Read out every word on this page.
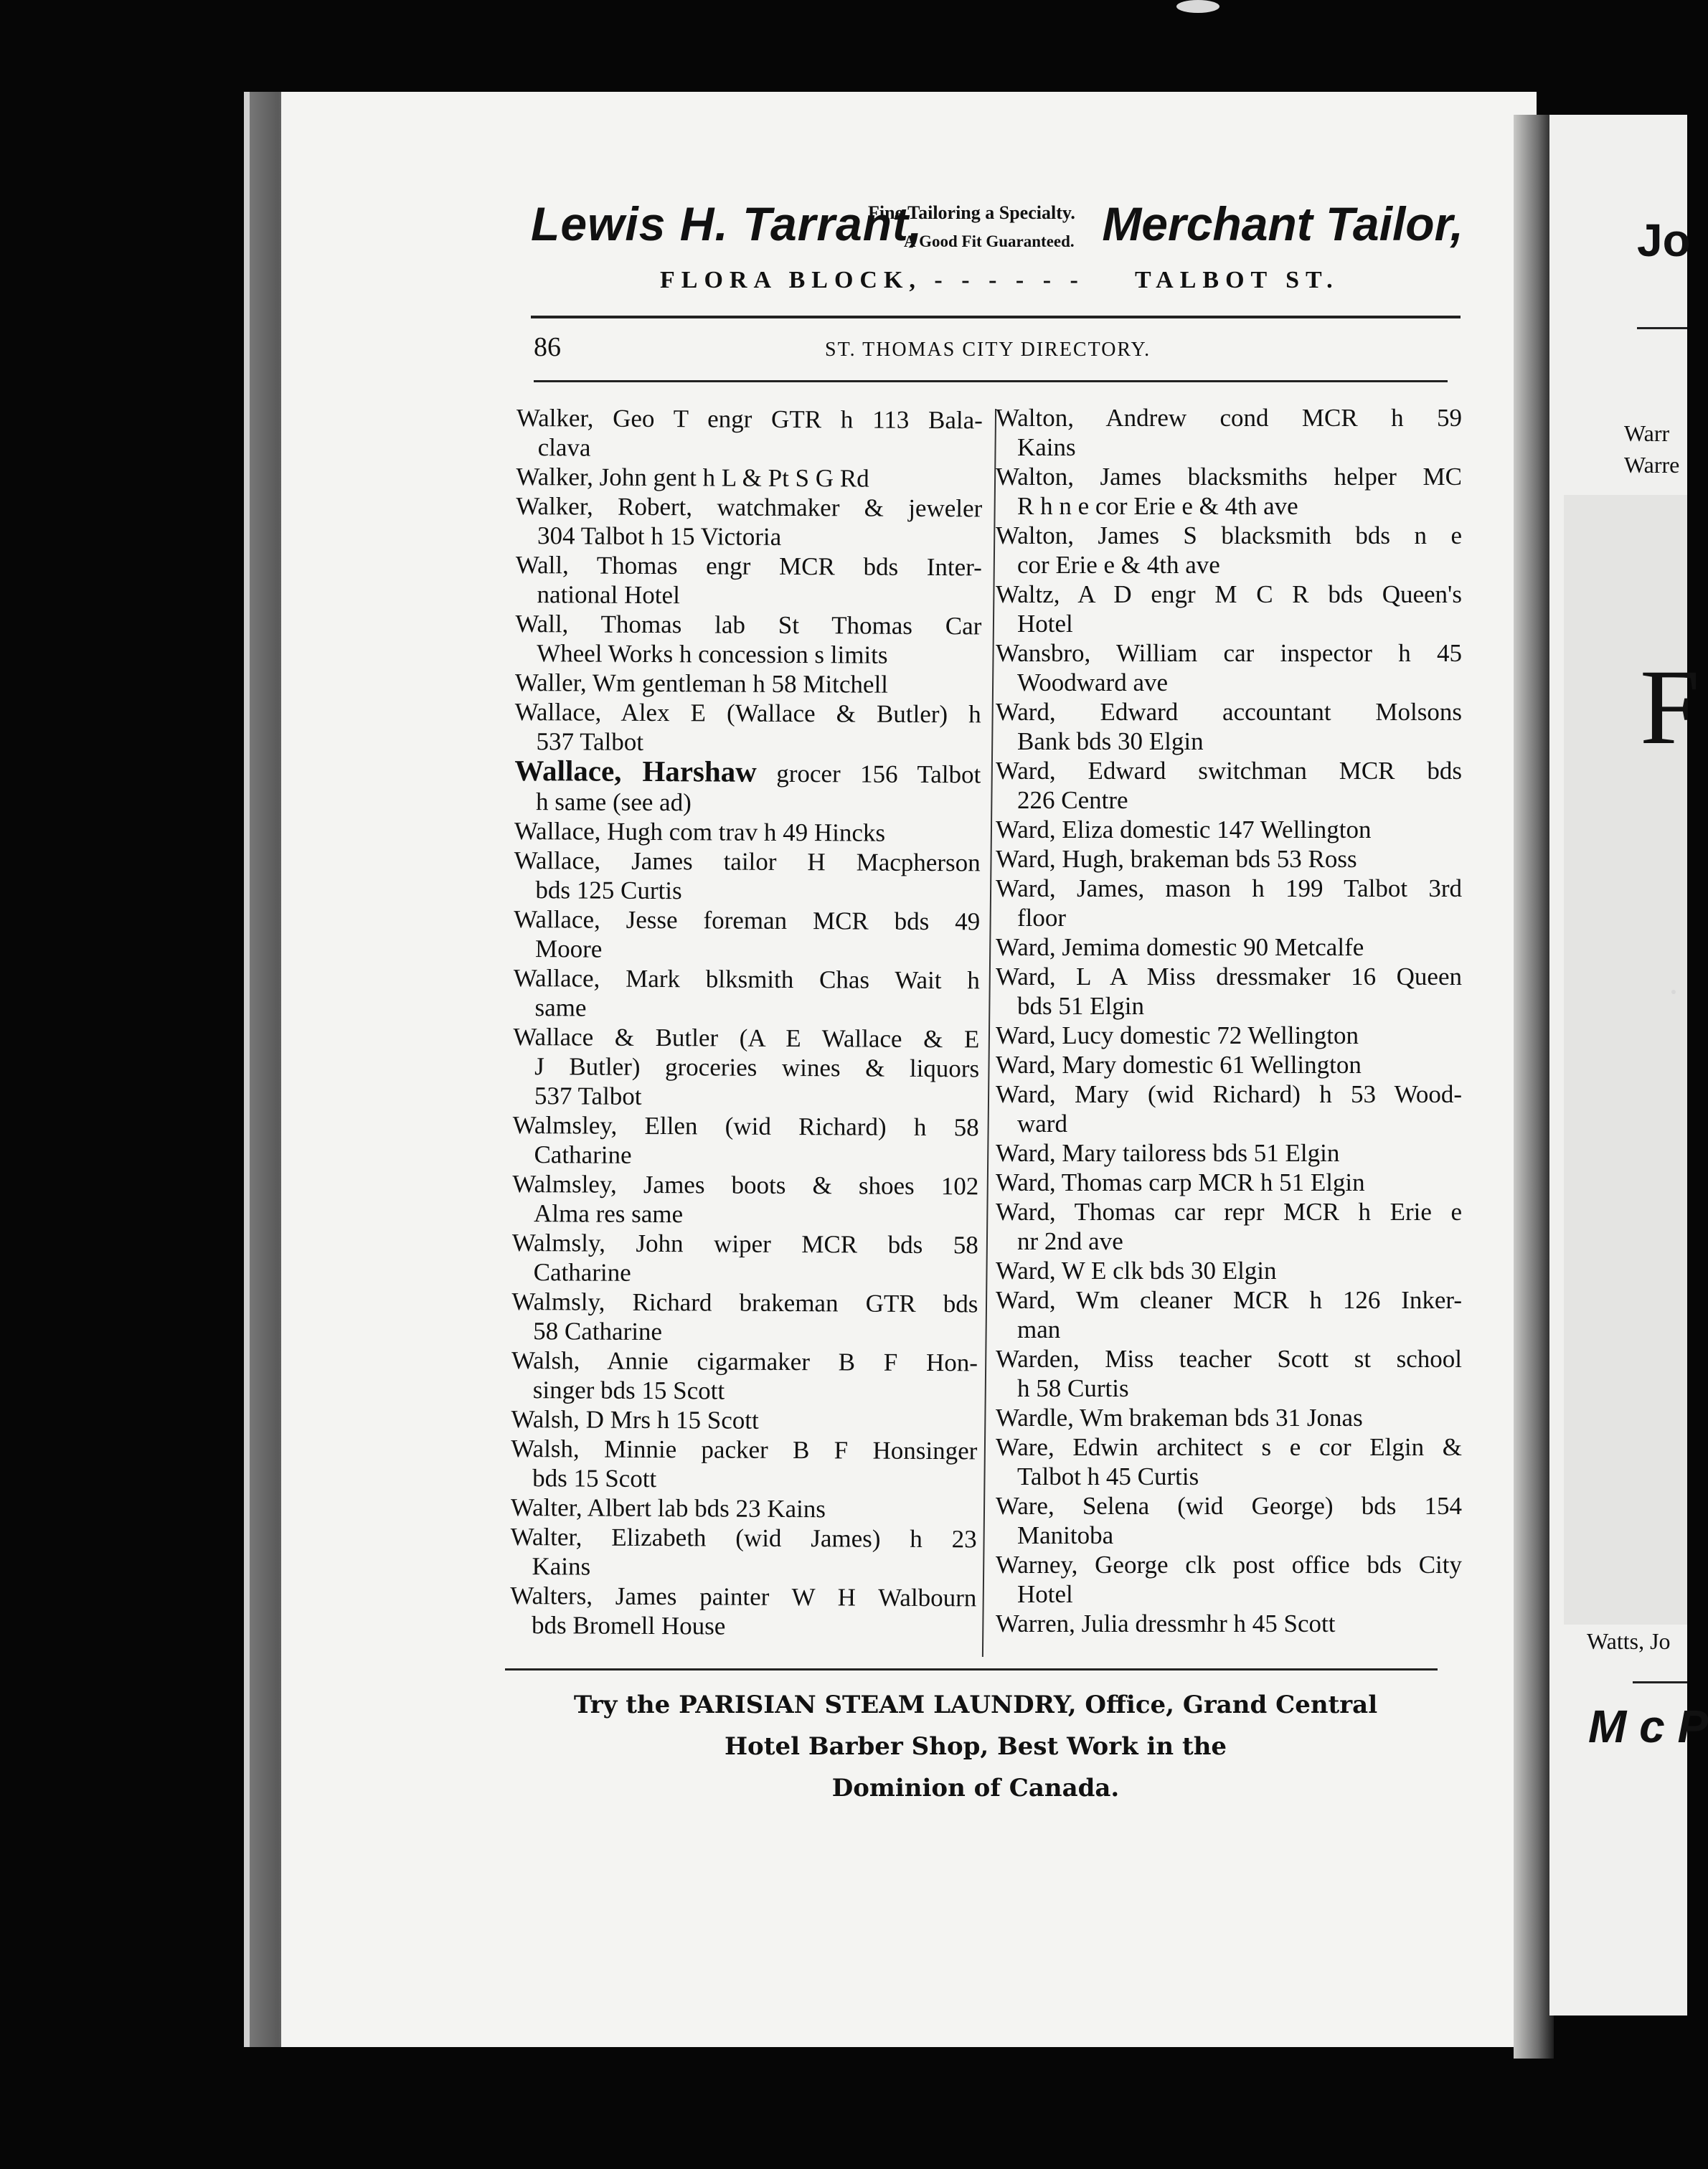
Lewis H. Tarrant,
Fine Tailoring a Specialty.
A Good Fit Guaranteed. Merchant Tailor,
FLORA BLOCK, - - - - - - TALBOT ST.
86	ST. THOMAS CITY DIRECTORY.
Walker, Geo T engr GTR h 113 Bala-
clava
Walker, John gent h L & Pt S G Rd
Walker, Robert, watchmaker & jeweler
304 Talbot h 15 Victoria
Wall, Thomas engr MCR bds Inter-
national Hotel
Wall, Thomas lab St Thomas Car
Wheel Works h concession s limits
Waller, Wm gentleman h 58 Mitchell
Wallace, Alex E (Wallace & Butler) h
537 Talbot
Wallace, Harshaw grocer 156 Talbot
h same (see ad)
Wallace, Hugh com trav h 49 Hincks
Wallace, James tailor H Macpherson
bds 125 Curtis
Wallace, Jesse foreman MCR bds 49
Moore
Wallace, Mark blksmith Chas Wait h
same
Wallace & Butler (A E Wallace & E
J Butler) groceries wines & liquors
537 Talbot
Walmsley, Ellen (wid Richard) h 58
Catharine
Walmsley, James boots & shoes 102
Alma res same
Walmsly, John wiper MCR bds 58
Catharine
Walmsly, Richard brakeman GTR bds
58 Catharine
Walsh, Annie cigarmaker B F Hon-
singer bds 15 Scott
Walsh, D Mrs h 15 Scott
Walsh, Minnie packer B F Honsinger
bds 15 Scott
Walter, Albert lab bds 23 Kains
Walter, Elizabeth (wid James) h 23
Kains
Walters, James painter W H Walbourn
bds Bromell House
Walton, Andrew cond MCR h 59
Kains
Walton, James blacksmiths helper MC
R h n e cor Erie e & 4th ave
Walton, James S blacksmith bds n e
cor Erie e & 4th ave
Waltz, A D engr M C R bds Queen's
Hotel
Wansbro, William car inspector h 45
Woodward ave
Ward, Edward accountant Molsons
Bank bds 30 Elgin
Ward, Edward switchman MCR bds
226 Centre
Ward, Eliza domestic 147 Wellington
Ward, Hugh, brakeman bds 53 Ross
Ward, James, mason h 199 Talbot 3rd
floor
Ward, Jemima domestic 90 Metcalfe
Ward, L A Miss dressmaker 16 Queen
bds 51 Elgin
Ward, Lucy domestic 72 Wellington
Ward, Mary domestic 61 Wellington
Ward, Mary (wid Richard) h 53 Wood-
ward
Ward, Mary tailoress bds 51 Elgin
Ward, Thomas carp MCR h 51 Elgin
Ward, Thomas car repr MCR h Erie e
nr 2nd ave
Ward, W E clk bds 30 Elgin
Ward, Wm cleaner MCR h 126 Inker-
man
Warden, Miss teacher Scott st school
h 58 Curtis
Wardle, Wm brakeman bds 31 Jonas
Ware, Edwin architect s e cor Elgin &
Talbot h 45 Curtis
Ware, Selena (wid George) bds 154
Manitoba
Warney, George clk post office bds City
Hotel
Warren, Julia dressmhr h 45 Scott
Try the PARISIAN STEAM LAUNDRY, Office, Grand Central
Hotel Barber Shop, Best Work in the
Dominion of Canada.
Jo
Warr
Warre
F
Watts, Jo
M c P
